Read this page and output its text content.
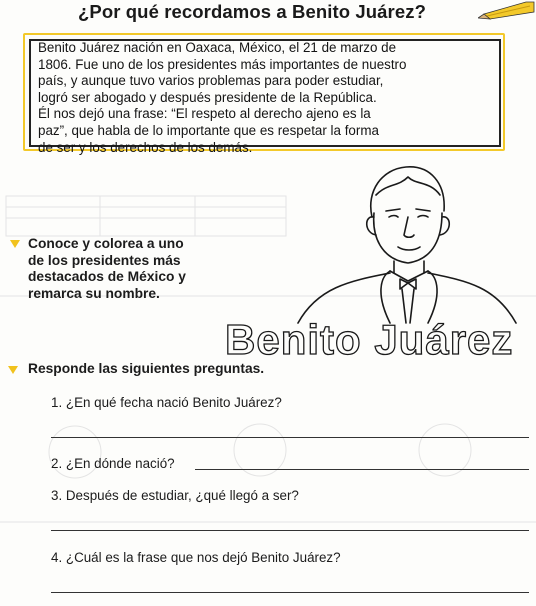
¿Por qué recordamos a Benito Juárez?
Benito Juárez nación en Oaxaca, México, el 21 de marzo de
1806. Fue uno de los presidentes más importantes de nuestro
país, y aunque tuvo varios problemas para poder estudiar,
logró ser abogado y después presidente de la República.
Él nos dejó una frase: “El respeto al derecho ajeno es la
paz”, que habla de lo importante que es respetar la forma
de ser y los derechos de los demás.
Conoce y colorea a uno
de los presidentes más
destacados de México y
remarca su nombre.
Benito Juárez
Responde las siguientes preguntas.
1. ¿En qué fecha nació Benito Juárez?
2. ¿En dónde nació?
3. Después de estudiar, ¿qué llegó a ser?
4. ¿Cuál es la frase que nos dejó Benito Juárez?
